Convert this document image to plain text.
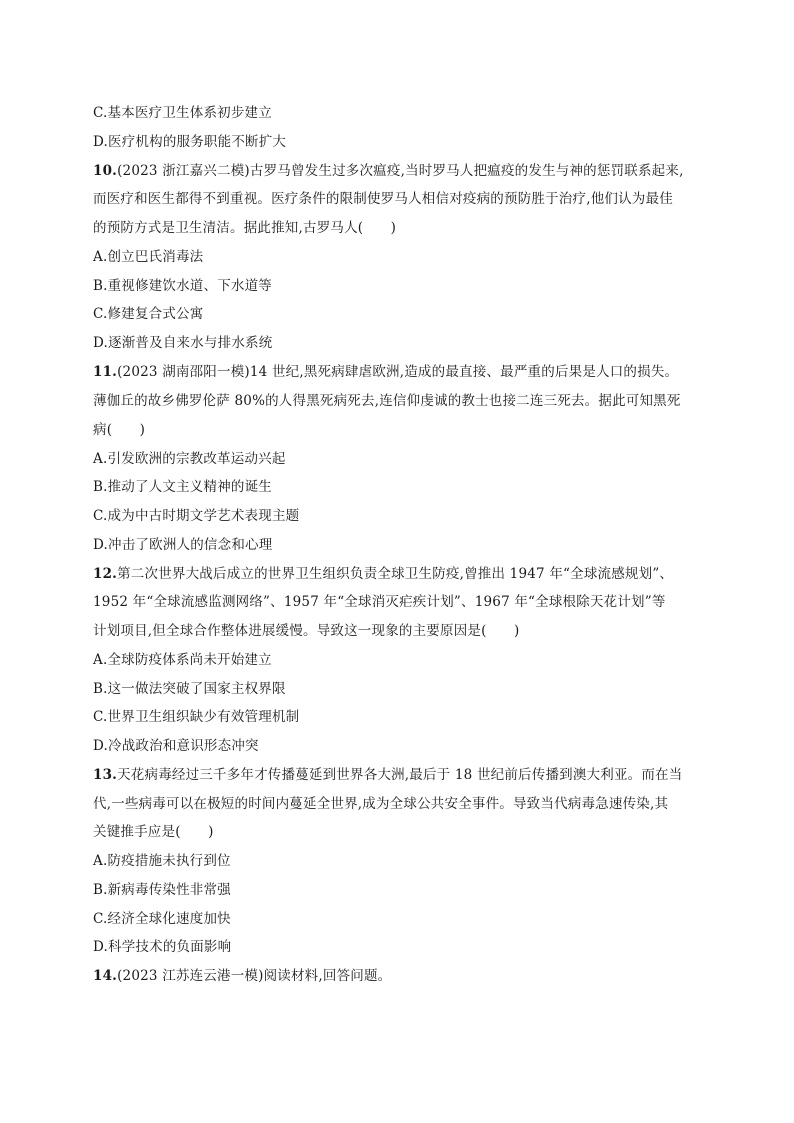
C.基本医疗卫生体系初步建立
D.医疗机构的服务职能不断扩大
10.(2023 浙江嘉兴二模)古罗马曾发生过多次瘟疫,当时罗马人把瘟疫的发生与神的惩罚联系起来,
而医疗和医生都得不到重视。医疗条件的限制使罗马人相信对疫病的预防胜于治疗,他们认为最佳
的预防方式是卫生清洁。据此推知,古罗马人(　　)
A.创立巴氏消毒法
B.重视修建饮水道、下水道等
C.修建复合式公寓
D.逐渐普及自来水与排水系统
11.(2023 湖南邵阳一模)14 世纪,黑死病肆虐欧洲,造成的最直接、最严重的后果是人口的损失。
薄伽丘的故乡佛罗伦萨 80%的人得黑死病死去,连信仰虔诚的教士也接二连三死去。据此可知黑死
病(　　)
A.引发欧洲的宗教改革运动兴起
B.推动了人文主义精神的诞生
C.成为中古时期文学艺术表现主题
D.冲击了欧洲人的信念和心理
12.第二次世界大战后成立的世界卫生组织负责全球卫生防疫,曾推出 1947 年“全球流感规划”、
1952 年“全球流感监测网络”、1957 年“全球消灭疟疾计划”、1967 年“全球根除天花计划”等
计划项目,但全球合作整体进展缓慢。导致这一现象的主要原因是(　　)
A.全球防疫体系尚未开始建立
B.这一做法突破了国家主权界限
C.世界卫生组织缺少有效管理机制
D.冷战政治和意识形态冲突
13.天花病毒经过三千多年才传播蔓延到世界各大洲,最后于 18 世纪前后传播到澳大利亚。而在当
代,一些病毒可以在极短的时间内蔓延全世界,成为全球公共安全事件。导致当代病毒急速传染,其
关键推手应是(　　)
A.防疫措施未执行到位
B.新病毒传染性非常强
C.经济全球化速度加快
D.科学技术的负面影响
14.(2023 江苏连云港一模)阅读材料,回答问题。
